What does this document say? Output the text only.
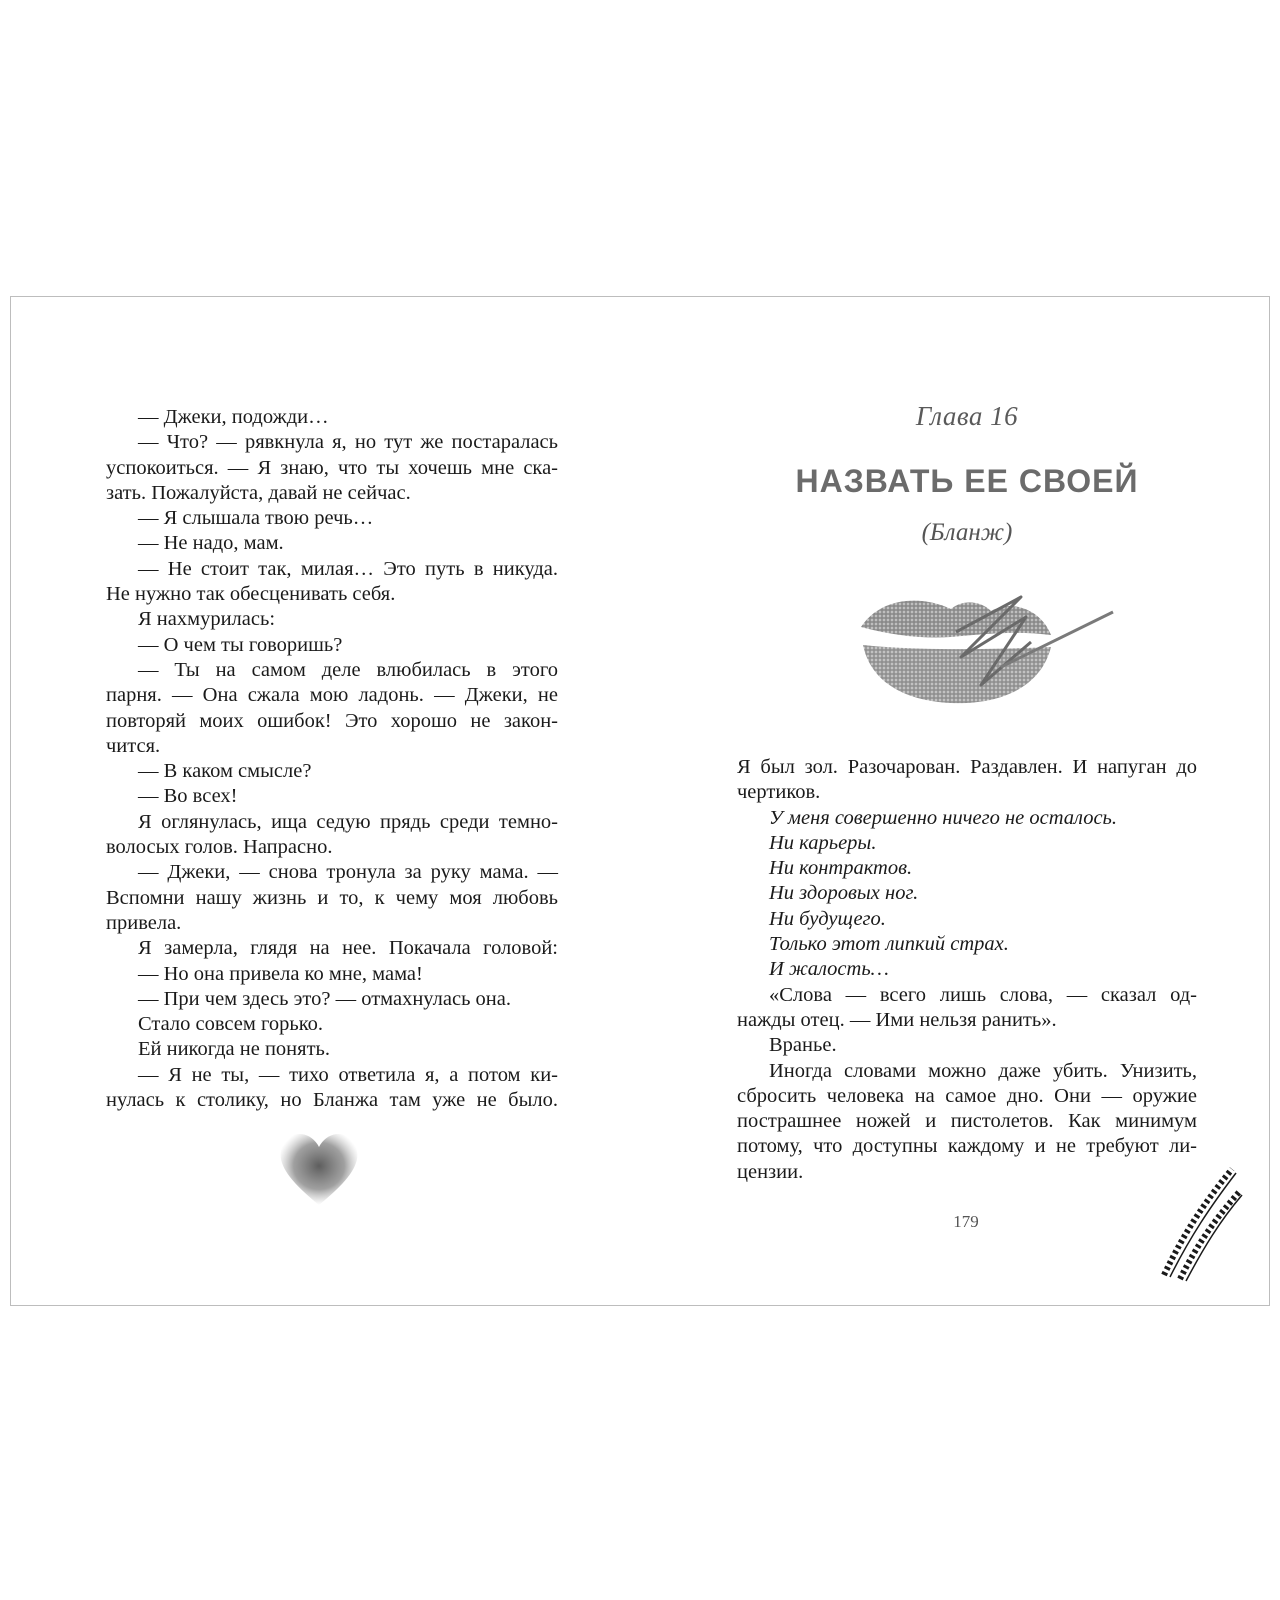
— Джеки, подожди…
— Что? — рявкнула я, но тут же постаралась
успокоиться. — Я знаю, что ты хочешь мне ска-
зать. Пожалуйста, давай не сейчас.
— Я слышала твою речь…
— Не надо, мам.
— Не стоит так, милая… Это путь в никуда.
Не нужно так обесценивать себя.
Я нахмурилась:
— О чем ты говоришь?
— Ты на самом деле влюбилась в этого
парня. — Она сжала мою ладонь. — Джеки, не
повторяй моих ошибок! Это хорошо не закон-
чится.
— В каком смысле?
— Во всех!
Я оглянулась, ища седую прядь среди темно-
волосых голов. Напрасно.
— Джеки, — снова тронула за руку мама. —
Вспомни нашу жизнь и то, к чему моя любовь
привела.
Я замерла, глядя на нее. Покачала головой:
— Но она привела ко мне, мама!
— При чем здесь это? — отмахнулась она.
Стало совсем горько.
Ей никогда не понять.
— Я не ты, — тихо ответила я, а потом ки-
нулась к столику, но Бланжа там уже не было.
Глава 16
НАЗВАТЬ ЕЕ СВОЕЙ
(Бланж)
Я был зол. Разочарован. Раздавлен. И напуган до
чертиков.
У меня совершенно ничего не осталось.
Ни карьеры.
Ни контрактов.
Ни здоровых ног.
Ни будущего.
Только этот липкий страх.
И жалость…
«Слова — всего лишь слова, — сказал од-
нажды отец. — Ими нельзя ранить».
Вранье.
Иногда словами можно даже убить. Унизить,
сбросить человека на самое дно. Они — оружие
пострашнее ножей и пистолетов. Как минимум
потому, что доступны каждому и не требуют ли-
цензии.
179
